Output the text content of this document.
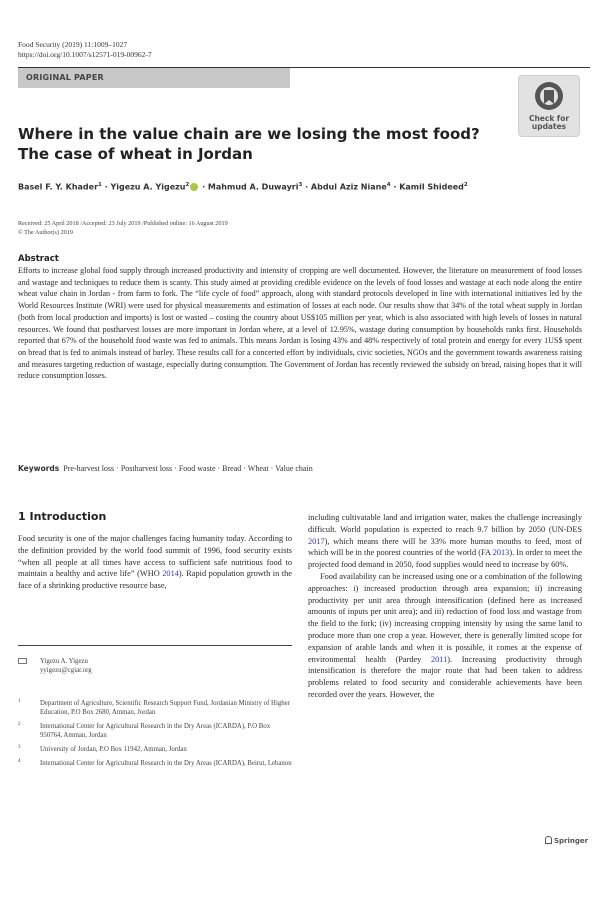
Food Security (2019) 11:1009–1027
https://doi.org/10.1007/s12571-019-00962-7
ORIGINAL PAPER
Check for
updates
Where in the value chain are we losing the most food? The case of wheat in Jordan
Basel F. Y. Khader$^1$ · Yigezu A. Yigezu$^2$ · Mahmud A. Duwayri$^3$ · Abdul Aziz Niane$^4$ · Kamil Shideed$^2$
Received: 25 April 2018 /Accepted: 23 July 2019 /Published online: 16 August 2019
© The Author(s) 2019
Abstract
Efforts to increase global food supply through increased productivity and intensity of cropping are well documented. However, the literature on measurement of food losses and wastage and techniques to reduce them is scanty. This study aimed at providing credible evidence on the levels of food losses and wastage at each node along the entire wheat value chain in Jordan - from farm to fork. The “life cycle of food” approach, along with standard protocols developed in line with international initiatives led by the World Resources Institute (WRI) were used for physical measurements and estimation of losses at each node. Our results show that 34% of the total wheat supply in Jordan (both from local production and imports) is lost or wasted – costing the country about US$105 million per year, which is also associated with high levels of losses in natural resources. We found that postharvest losses are more important in Jordan where, at a level of 12.95%, wastage during consumption by households ranks first. Households reported that 67% of the household food waste was fed to animals. This means Jordan is losing 43% and 48% respectively of total protein and energy for every 1US$ spent on bread that is fed to animals instead of barley. These results call for a concerted effort by individuals, civic societies, NGOs and the government towards awareness raising and measures targeting reduction of wastage, especially during consumption. The Government of Jordan has recently reviewed the subsidy on bread, raising hopes that it will reduce consumption losses.
Keywords Pre-harvest loss · Postharvest loss · Food waste · Bread · Wheat · Value chain
1 Introduction

Food security is one of the major challenges facing humanity today. According to the definition provided by the world food summit of 1996, food security exists “when all people at all times have access to sufficient safe nutritious food to maintain a healthy and active life” (WHO 2014). Rapid population growth in the face of a shrinking productive resource base,

including cultivatable land and irrigation water, makes the challenge increasingly difficult. World population is expected to reach 9.7 billion by 2050 (UN-DES 2017), which means there will be 33% more human mouths to feed, most of which will be in the poorest countries of the world (FA 2013). In order to meet the projected food demand in 2050, food supplies would need to increase by 60%.

Food availability can be increased using one or a combination of the following approaches: i) increased production through area expansion; ii) increasing productivity per unit area through intensification (defined here as increased amounts of inputs per unit area); and iii) reduction of food loss and wastage from the field to the fork; (iv) increasing cropping intensity by using the same land to produce more than one crop a year. However, there is generally limited scope for expansion of arable lands and when it is possible, it comes at the expense of environmental health (Pardey 2011). Increasing productivity through intensification is therefore the major route that had been taken to address problems related to food security and considerable achievements have been recorded over the years. However, the

Yigezu A. Yigezu
yyigezu@cgiar.org
1	Department of Agriculture, Scientific Research Support Fund, Jordanian Ministry of Higher Education, P.O Box 2680, Amman, Jordan
2	International Center for Agricultural Research in the Dry Areas (ICARDA), P.O Box 950764, Amman, Jordan
3	University of Jordan, P.O Box 11942, Amman, Jordan
4	International Center for Agricultural Research in the Dry Areas (ICARDA), Beirut, Lebanon
Springer
